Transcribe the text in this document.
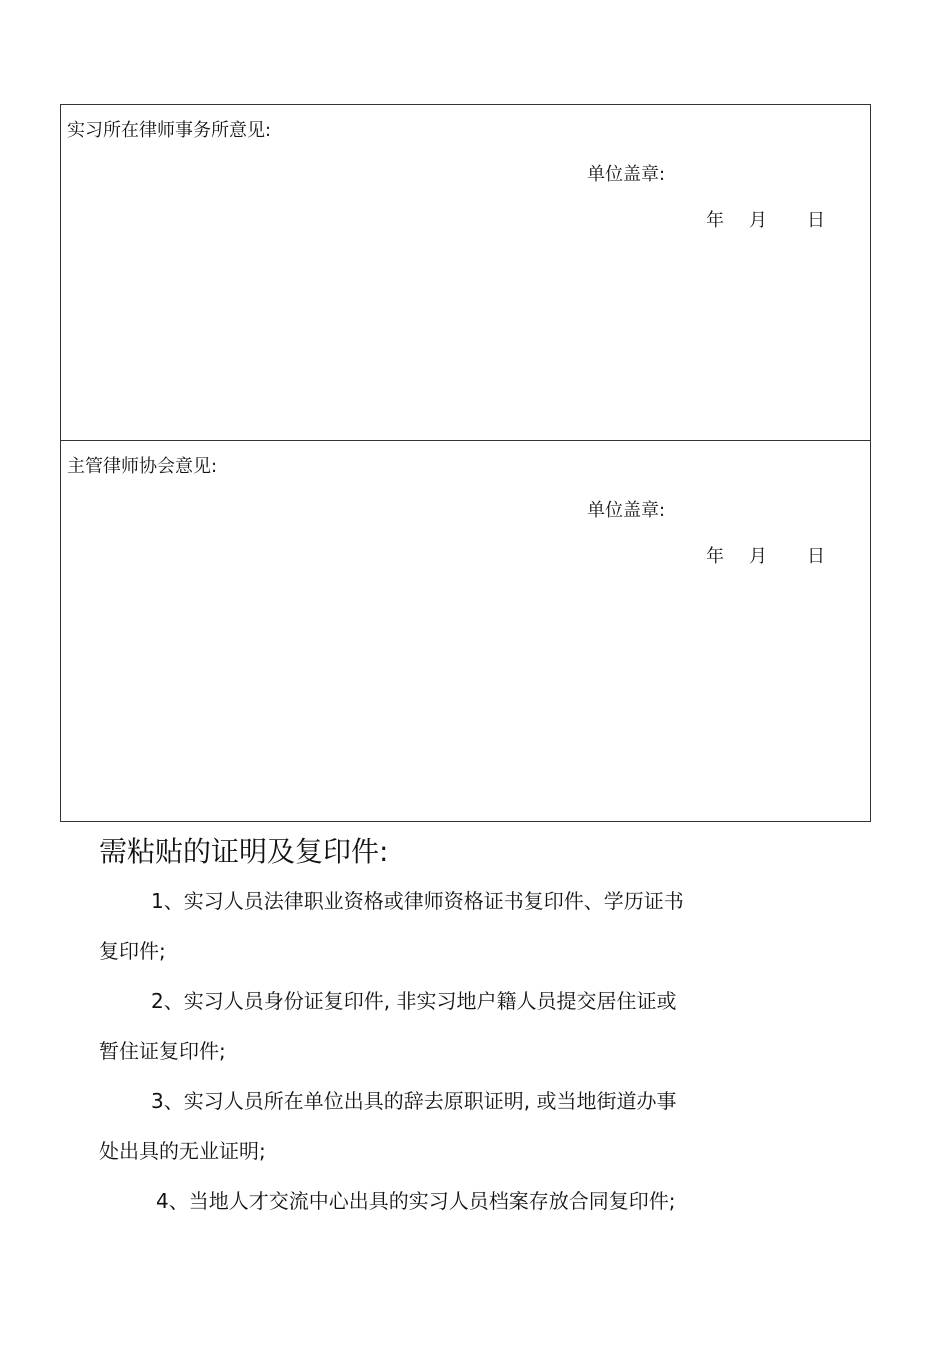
实习所在律师事务所意见:
单位盖章:
年 月 日
主管律师协会意见:
单位盖章:
年 月 日
需粘贴的证明及复印件:
1、实习人员法律职业资格或律师资格证书复印件、学历证书
复印件;
2、实习人员身份证复印件, 非实习地户籍人员提交居住证或
暂住证复印件;
3、实习人员所在单位出具的辞去原职证明, 或当地街道办事
处出具的无业证明;
4、当地人才交流中心出具的实习人员档案存放合同复印件;
